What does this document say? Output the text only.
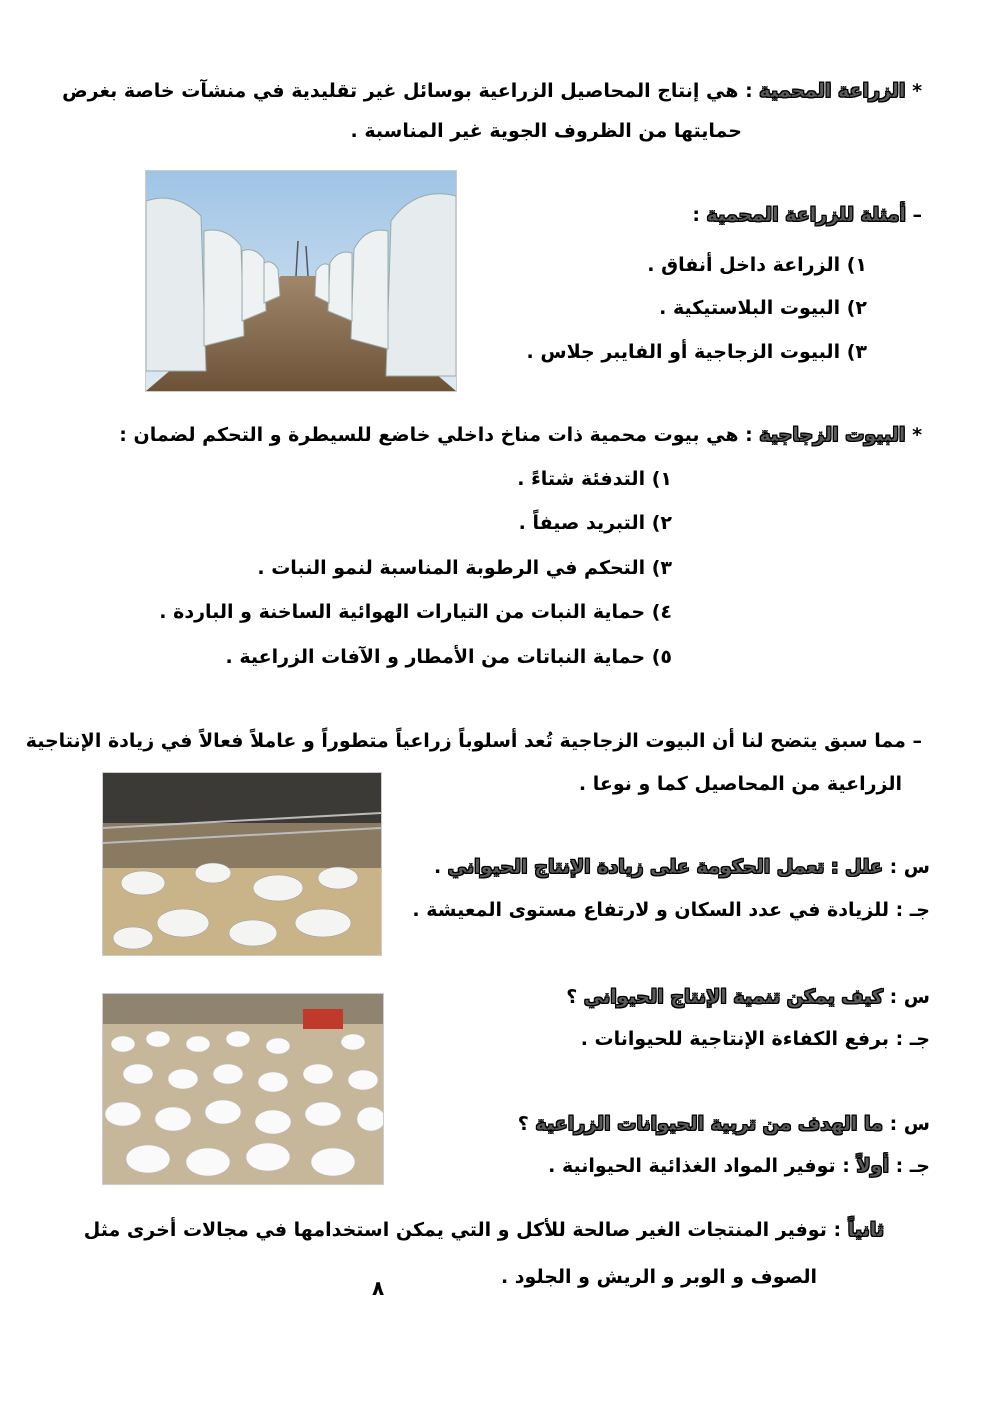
* الزراعة المحمية : هي إنتاج المحاصيل الزراعية بوسائل غير تقليدية في منشآت خاصة بغرض
حمايتها من الظروف الجوية غير المناسبة .
– أمثلة للزراعة المحمية :
١) الزراعة داخل أنفاق .
٢) البيوت البلاستيكية .
٣) البيوت الزجاجية أو الفايبر جلاس .
* البيوت الزجاجية : هي بيوت محمية ذات مناخ داخلي خاضع للسيطرة و التحكم لضمان :
١) التدفئة شتاءً .
٢) التبريد صيفاً .
٣) التحكم في الرطوبة المناسبة لنمو النبات .
٤) حماية النبات من التيارات الهوائية الساخنة و الباردة .
٥) حماية النباتات من الأمطار و الآفات الزراعية .
– مما سبق يتضح لنا أن البيوت الزجاجية تُعد أسلوباً زراعياً متطوراً و عاملاً فعالاً في زيادة الإنتاجية
الزراعية من المحاصيل كما و نوعا .
س : علل : تعمل الحكومة على زيادة الإنتاج الحيواني .
جـ : للزيادة في عدد السكان و لارتفاع مستوى المعيشة .
س : كيف يمكن تنمية الإنتاج الحيواني ؟
جـ : برفع الكفاءة الإنتاجية للحيوانات .
س : ما الهدف من تربية الحيوانات الزراعية ؟
جـ : أولاً : توفير المواد الغذائية الحيوانية .
ثانياً : توفير المنتجات الغير صالحة للأكل و التي يمكن استخدامها في مجالات أخرى مثل
الصوف و الوبر و الريش و الجلود .
٨
